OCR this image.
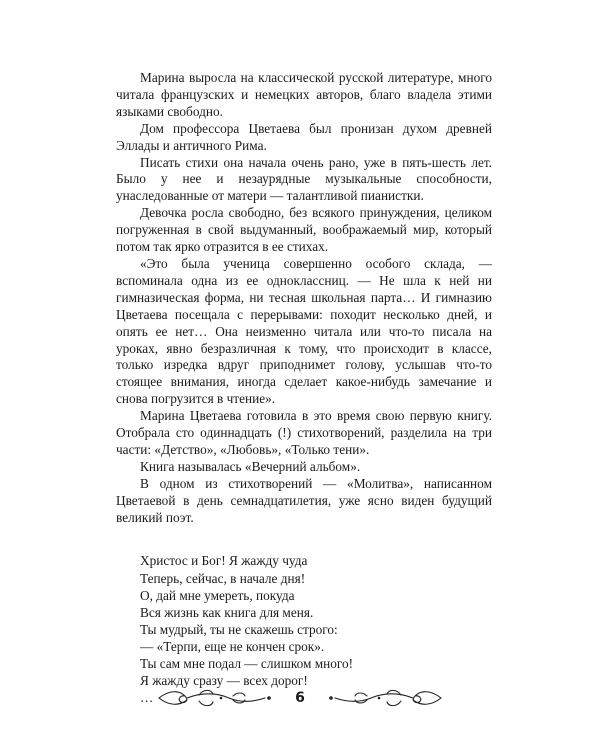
Марина выросла на классической русской литературе, много читала французских и немецких авторов, благо владела этими языками свободно.

Дом профессора Цветаева был пронизан духом древней Эллады и античного Рима.

Писать стихи она начала очень рано, уже в пять-шесть лет. Было у нее и незаурядные музыкальные способности, унаследованные от матери — талантливой пианистки.

Девочка росла свободно, без всякого принуждения, целиком погруженная в свой выдуманный, воображаемый мир, который потом так ярко отразится в ее стихах.

«Это была ученица совершенно особого склада, — вспоминала одна из ее одноклассниц. — Не шла к ней ни гимназическая форма, ни тесная школьная парта… И гимназию Цветаева посещала с перерывами: походит несколько дней, и опять ее нет… Она неизменно читала или что-то писала на уроках, явно безразличная к тому, что происходит в классе, только изредка вдруг приподнимет голову, услышав что-то стоящее внимания, иногда сделает какое-нибудь замечание и снова погрузится в чтение».

Марина Цветаева готовила в это время свою первую книгу. Отобрала сто одиннадцать (!) стихотворений, разделила на три части: «Детство», «Любовь», «Только тени».

Книга называлась «Вечерний альбом».

В одном из стихотворений — «Молитва», написанном Цветаевой в день семнадцатилетия, уже ясно виден будущий великий поэт.

Христос и Бог! Я жажду чуда
Теперь, сейчас, в начале дня!
О, дай мне умереть, покуда
Вся жизнь как книга для меня.
Ты мудрый, ты не скажешь строго:
— «Терпи, еще не кончен срок».
Ты сам мне подал — слишком много!
Я жажду сразу — всех дорог!
…	6
